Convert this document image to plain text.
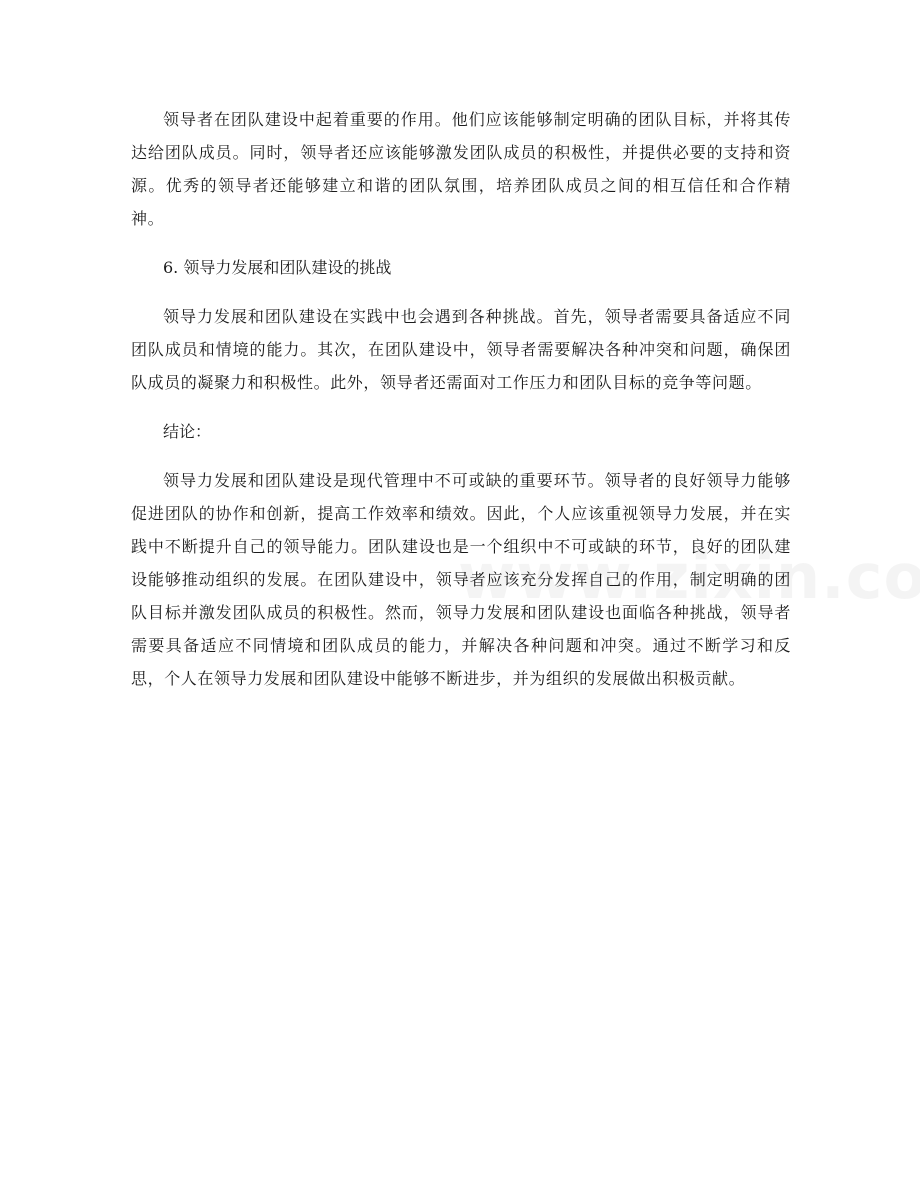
领导者在团队建设中起着重要的作用。他们应该能够制定明确的团队目标，并将其传达给团队成员。同时，领导者还应该能够激发团队成员的积极性，并提供必要的支持和资源。优秀的领导者还能够建立和谐的团队氛围，培养团队成员之间的相互信任和合作精神。

6. 领导力发展和团队建设的挑战

领导力发展和团队建设在实践中也会遇到各种挑战。首先，领导者需要具备适应不同团队成员和情境的能力。其次，在团队建设中，领导者需要解决各种冲突和问题，确保团队成员的凝聚力和积极性。此外，领导者还需面对工作压力和团队目标的竞争等问题。

结论：

领导力发展和团队建设是现代管理中不可或缺的重要环节。领导者的良好领导力能够促进团队的协作和创新，提高工作效率和绩效。因此，个人应该重视领导力发展，并在实践中不断提升自己的领导能力。团队建设也是一个组织中不可或缺的环节，良好的团队建设能够推动组织的发展。在团队建设中，领导者应该充分发挥自己的作用，制定明确的团队目标并激发团队成员的积极性。然而，领导力发展和团队建设也面临各种挑战，领导者需要具备适应不同情境和团队成员的能力，并解决各种问题和冲突。通过不断学习和反思，个人在领导力发展和团队建设中能够不断进步，并为组织的发展做出积极贡献。
